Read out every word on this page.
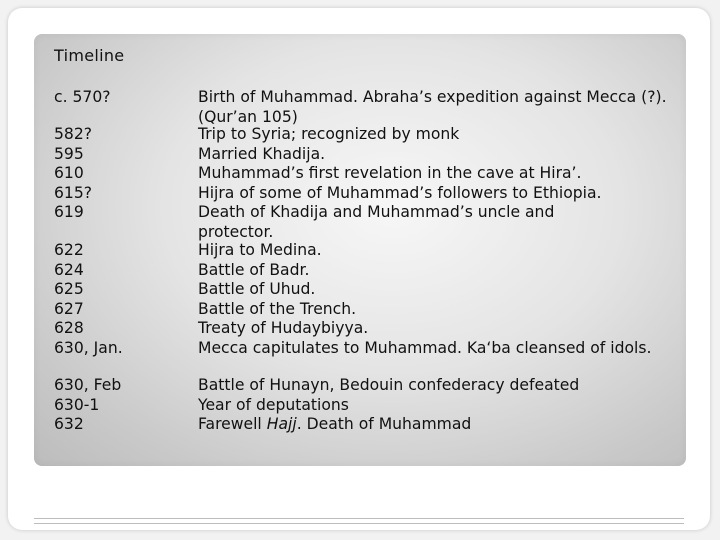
Timeline
c. 570?	Birth of Muhammad. Abraha’s expedition against Mecca (?). (Qur’an 105)
582?	Trip to Syria; recognized by monk
595	Married Khadija.
610	Muhammad’s first revelation in the cave at Hira’.
615?	Hijra of some of Muhammad’s followers to Ethiopia.
619	Death of Khadija and Muhammad’s uncle and protector.
622	Hijra to Medina.
624	Battle of Badr.
625	Battle of Uhud.
627	Battle of the Trench.
628	Treaty of Hudaybiyya.
630, Jan.	Mecca capitulates to Muhammad. Ka‘ba cleansed of idols.
630, Feb	Battle of Hunayn, Bedouin confederacy defeated
630-1	Year of deputations
632	Farewell Hajj. Death of Muhammad
